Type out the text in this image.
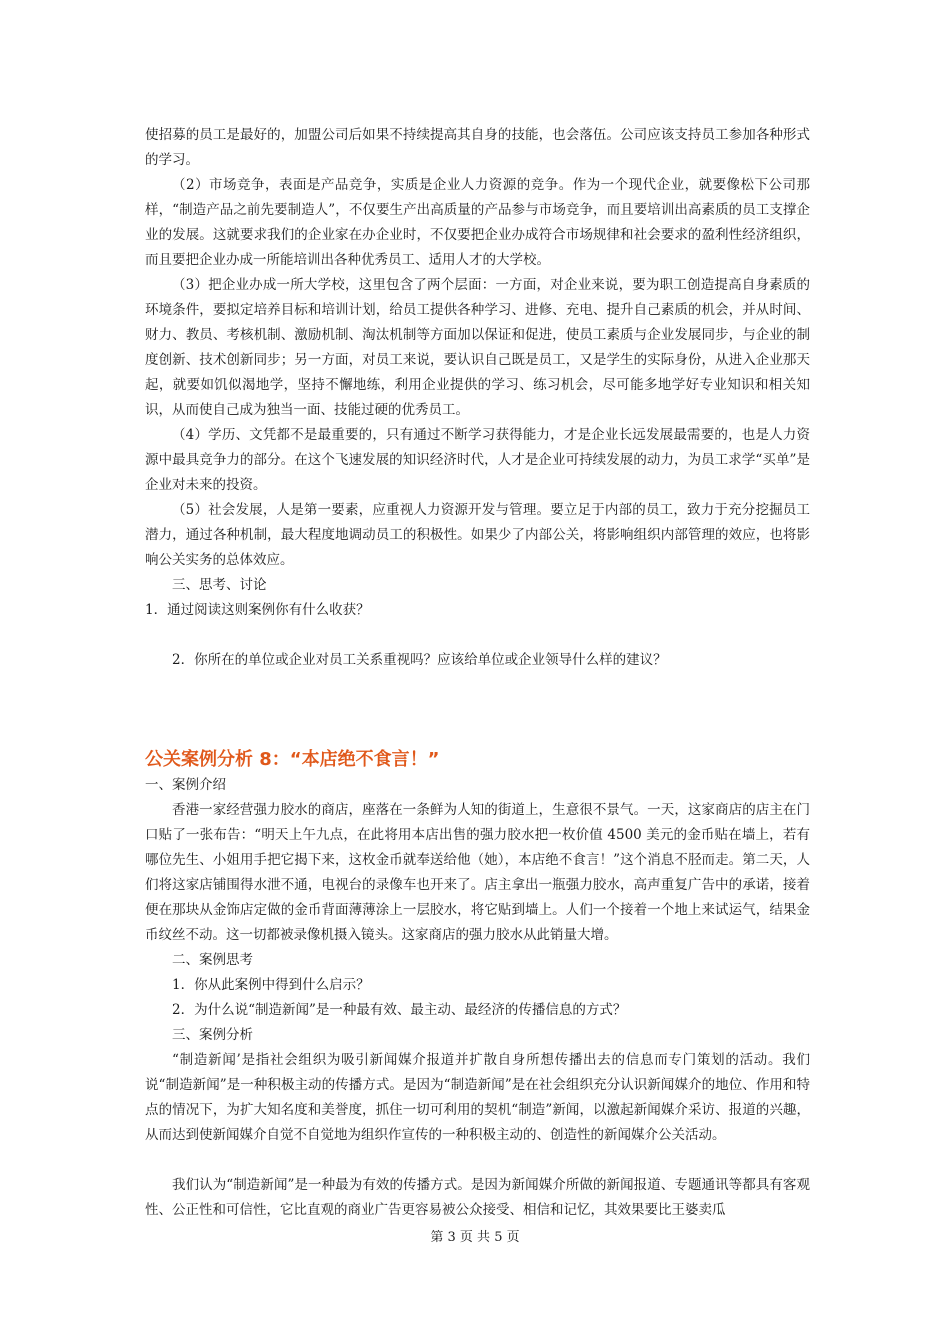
使招募的员工是最好的，加盟公司后如果不持续提高其自身的技能，也会落伍。公司应该支持员工参加各种形式的学习。

（2）市场竞争，表面是产品竞争，实质是企业人力资源的竞争。作为一个现代企业，就要像松下公司那样，“制造产品之前先要制造人”，不仅要生产出高质量的产品参与市场竞争，而且要培训出高素质的员工支撑企业的发展。这就要求我们的企业家在办企业时，不仅要把企业办成符合市场规律和社会要求的盈利性经济组织，而且要把企业办成一所能培训出各种优秀员工、适用人才的大学校。

（3）把企业办成一所大学校，这里包含了两个层面：一方面，对企业来说，要为职工创造提高自身素质的环境条件，要拟定培养目标和培训计划，给员工提供各种学习、进修、充电、提升自己素质的机会，并从时间、财力、教员、考核机制、激励机制、淘汰机制等方面加以保证和促进，使员工素质与企业发展同步，与企业的制度创新、技术创新同步；另一方面，对员工来说，要认识自己既是员工，又是学生的实际身份，从进入企业那天起，就要如饥似渴地学，坚持不懈地练，利用企业提供的学习、练习机会，尽可能多地学好专业知识和相关知识，从而使自己成为独当一面、技能过硬的优秀员工。

（4）学历、文凭都不是最重要的，只有通过不断学习获得能力，才是企业长远发展最需要的，也是人力资源中最具竞争力的部分。在这个飞速发展的知识经济时代，人才是企业可持续发展的动力，为员工求学“买单”是企业对未来的投资。

（5）社会发展，人是第一要素，应重视人力资源开发与管理。要立足于内部的员工，致力于充分挖掘员工潜力，通过各种机制，最大程度地调动员工的积极性。如果少了内部公关，将影响组织内部管理的效应，也将影响公关实务的总体效应。

三、思考、讨论

1．通过阅读这则案例你有什么收获？

2．你所在的单位或企业对员工关系重视吗？应该给单位或企业领导什么样的建议？

公关案例分析 8：“本店绝不食言！”

一、案例介绍

香港一家经营强力胶水的商店，座落在一条鲜为人知的街道上，生意很不景气。一天，这家商店的店主在门口贴了一张布告：“明天上午九点，在此将用本店出售的强力胶水把一枚价值 4500 美元的金币贴在墙上，若有哪位先生、小姐用手把它揭下来，这枚金币就奉送给他（她），本店绝不食言！”这个消息不胫而走。第二天，人们将这家店铺围得水泄不通，电视台的录像车也开来了。店主拿出一瓶强力胶水，高声重复广告中的承诺，接着便在那块从金饰店定做的金币背面薄薄涂上一层胶水，将它贴到墙上。人们一个接着一个地上来试运气，结果金币纹丝不动。这一切都被录像机摄入镜头。这家商店的强力胶水从此销量大增。

二、案例思考

1．你从此案例中得到什么启示？

2．为什么说“制造新闻”是一种最有效、最主动、最经济的传播信息的方式？

三、案例分析

“制造新闻’是指社会组织为吸引新闻媒介报道并扩散自身所想传播出去的信息而专门策划的活动。我们说“制造新闻”是一种积极主动的传播方式。是因为“制造新闻”是在社会组织充分认识新闻媒介的地位、作用和特点的情况下，为扩大知名度和美誉度，抓住一切可利用的契机“制造”新闻，以激起新闻媒介采访、报道的兴趣，从而达到使新闻媒介自觉不自觉地为组织作宣传的一种积极主动的、创造性的新闻媒介公关活动。

我们认为“制造新闻”是一种最为有效的传播方式。是因为新闻媒介所做的新闻报道、专题通讯等都具有客观性、公正性和可信性，它比直观的商业广告更容易被公众接受、相信和记忆，其效果要比王婆卖瓜

第 3 页 共 5 页
